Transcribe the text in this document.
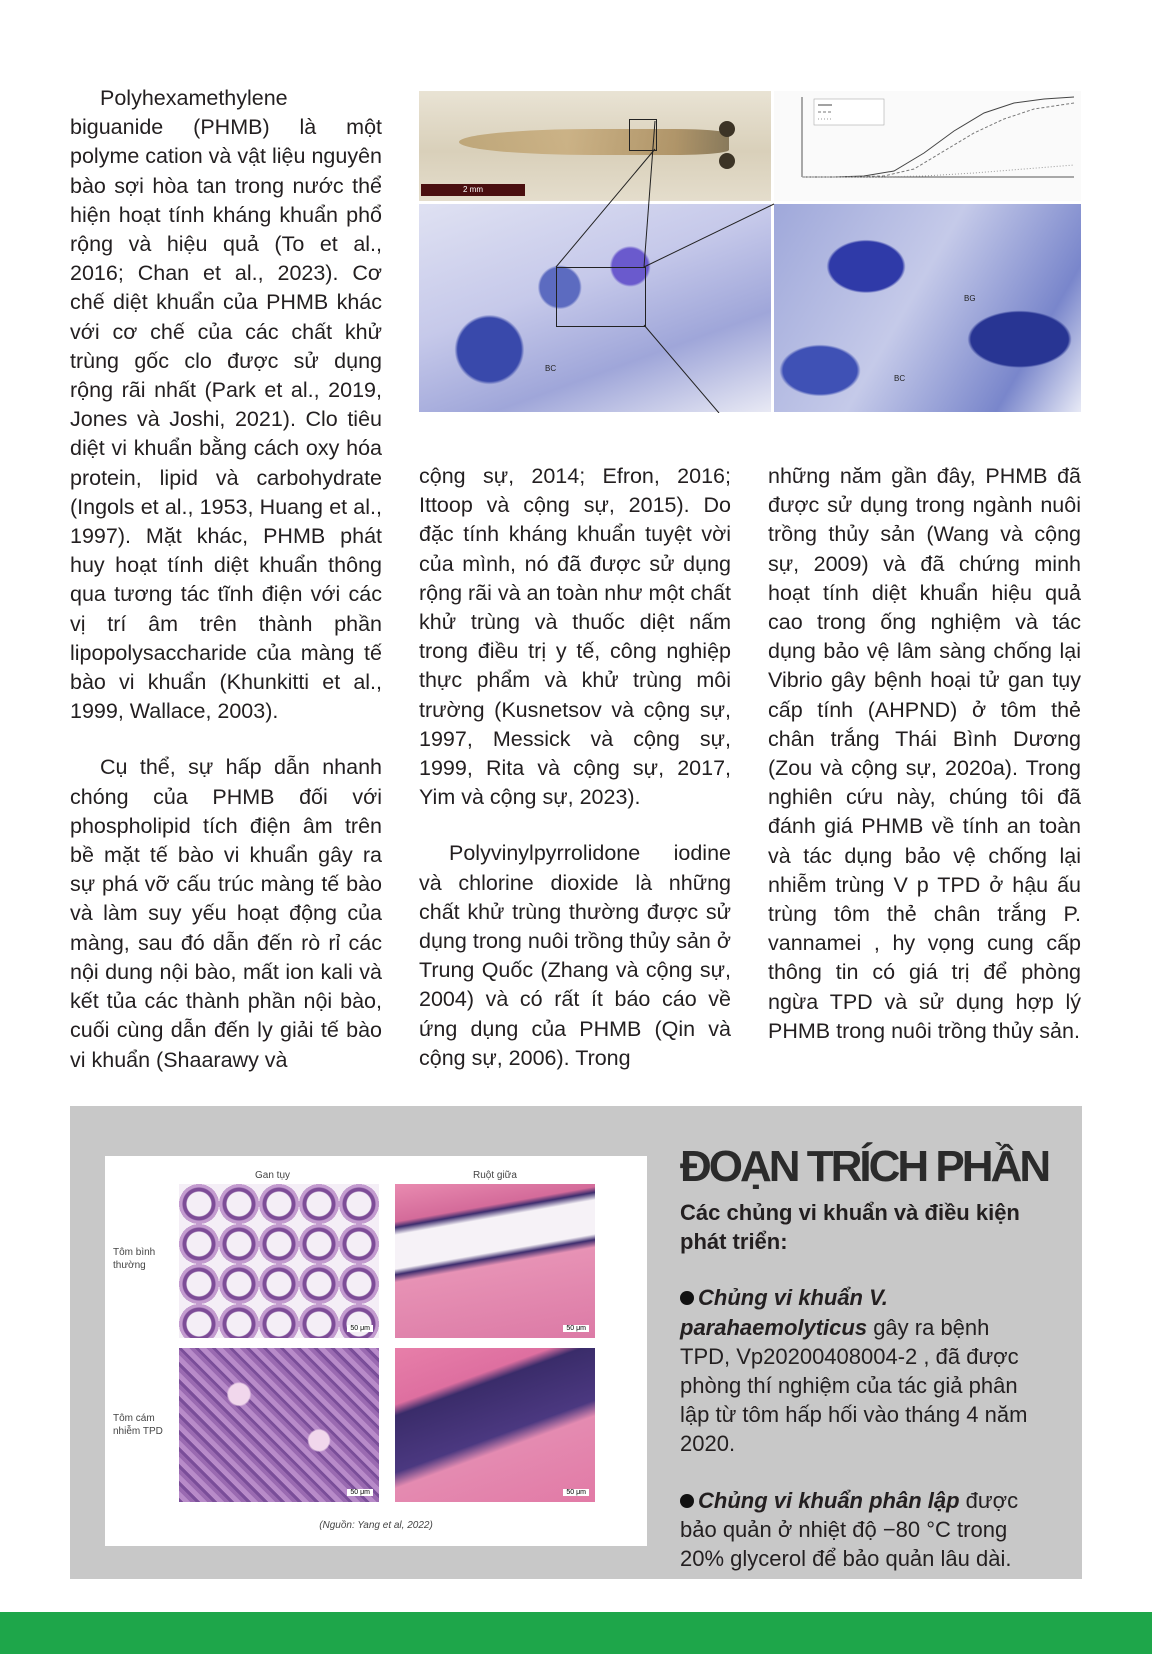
Polyhexamethylene biguanide (PHMB) là một polyme cation và vật liệu nguyên bào sợi hòa tan trong nước thể hiện hoạt tính kháng khuẩn phổ rộng và hiệu quả (To et al., 2016; Chan et al., 2023). Cơ chế diệt khuẩn của PHMB khác với cơ chế của các chất khử trùng gốc clo được sử dụng rộng rãi nhất (Park et al., 2019, Jones và Joshi, 2021). Clo tiêu diệt vi khuẩn bằng cách oxy hóa protein, lipid và carbohydrate (Ingols et al., 1953, Huang et al., 1997). Mặt khác, PHMB phát huy hoạt tính diệt khuẩn thông qua tương tác tĩnh điện với các vị trí âm trên thành phần lipopolysaccharide của màng tế bào vi khuẩn (Khunkitti et al., 1999, Wallace, 2003).

Cụ thể, sự hấp dẫn nhanh chóng của PHMB đối với phospholipid tích điện âm trên bề mặt tế bào vi khuẩn gây ra sự phá vỡ cấu trúc màng tế bào và làm suy yếu hoạt động của màng, sau đó dẫn đến rò rỉ các nội dung nội bào, mất ion kali và kết tủa các thành phần nội bào, cuối cùng dẫn đến ly giải tế bào vi khuẩn (Shaarawy và

2 mm
BC
BG
BC

cộng sự, 2014; Efron, 2016; Ittoop và cộng sự, 2015). Do đặc tính kháng khuẩn tuyệt vời của mình, nó đã được sử dụng rộng rãi và an toàn như một chất khử trùng và thuốc diệt nấm trong điều trị y tế, công nghiệp thực phẩm và khử trùng môi trường (Kusnetsov và cộng sự, 1997, Messick và cộng sự, 1999, Rita và cộng sự, 2017, Yim và cộng sự, 2023).

Polyvinylpyrrolidone iodine và chlorine dioxide là những chất khử trùng thường được sử dụng trong nuôi trồng thủy sản ở Trung Quốc (Zhang và cộng sự, 2004) và có rất ít báo cáo về ứng dụng của PHMB (Qin và cộng sự, 2006). Trong

những năm gần đây, PHMB đã được sử dụng trong ngành nuôi trồng thủy sản (Wang và cộng sự, 2009) và đã chứng minh hoạt tính diệt khuẩn hiệu quả cao trong ống nghiệm và tác dụng bảo vệ lâm sàng chống lại Vibrio gây bệnh hoại tử gan tụy cấp tính (AHPND) ở tôm thẻ chân trắng Thái Bình Dương (Zou và cộng sự, 2020a). Trong nghiên cứu này, chúng tôi đã đánh giá PHMB về tính an toàn và tác dụng bảo vệ chống lại nhiễm trùng V p TPD ở hậu ấu trùng tôm thẻ chân trắng P. vannamei , hy vọng cung cấp thông tin có giá trị để phòng ngừa TPD và sử dụng hợp lý PHMB trong nuôi trồng thủy sản.

Gan tụy	Ruột giữa
Tôm bình thường
Tôm cám nhiễm TPD
50 μm	50 μm
50 μm	50 μm
(Nguồn: Yang et al, 2022)
ĐOẠN TRÍCH PHẦN

Các chủng vi khuẩn và điều kiện phát triển:

Chủng vi khuẩn V. parahaemolyticus gây ra bệnh TPD, Vp20200408004-2 , đã được phòng thí nghiệm của tác giả phân lập từ tôm hấp hối vào tháng 4 năm 2020.

Chủng vi khuẩn phân lập được bảo quản ở nhiệt độ −80 °C trong 20% glycerol để bảo quản lâu dài.
